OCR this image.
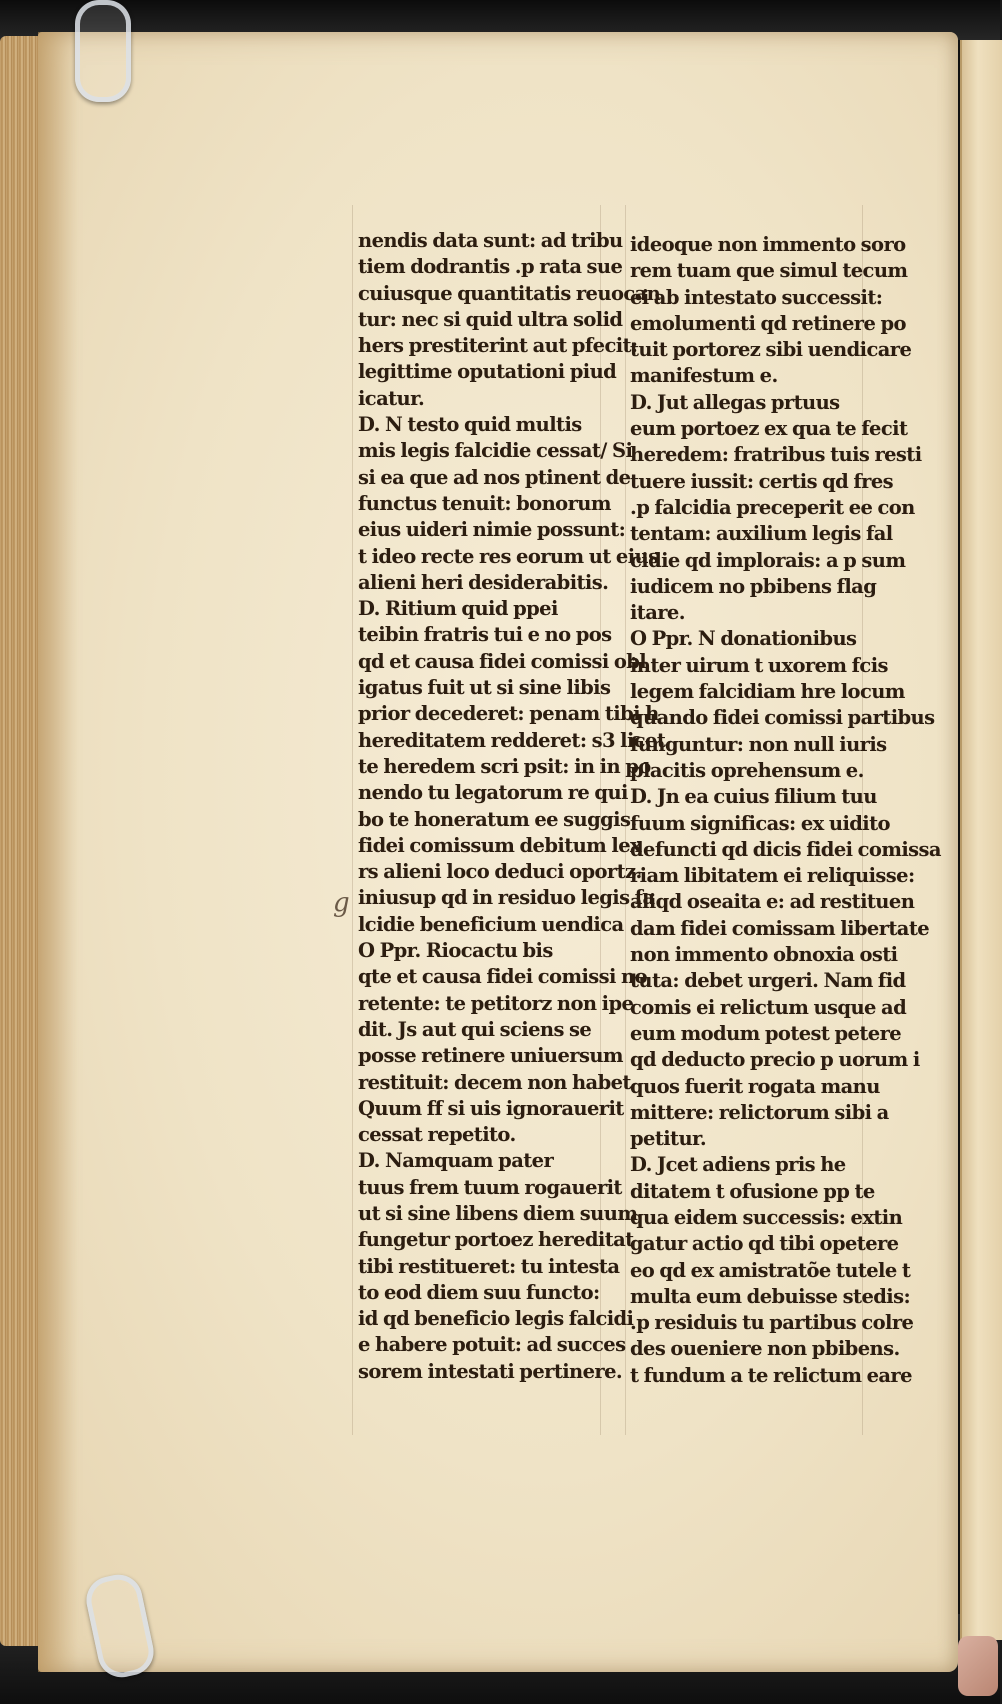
nendis data sunt: ad tribu
tiem dodrantis .p rata sue
cuiusque quantitatis reuocan
tur: nec si quid ultra solid
hers prestiterint aut pfecit:
legittime oputationi piud
icatur.
D. N testo quid multis
mis legis falcidie cessat/ Si
si ea que ad nos ptinent de
functus tenuit: bonorum
eius uideri nimie possunt:
t ideo recte res eorum ut eius
alieni heri desiderabitis.
D. Ritium quid ppei
teibin fratris tui e no pos
qd et causa fidei comissi obl
igatus fuit ut si sine libis
prior decederet: penam tibi h
hereditatem redderet: s3 licet
te heredem scri psit: in in po
nendo tu legatorum re qui
bo te honeratum ee suggis:
fidei comissum debitum lex
rs alieni loco deduci oportz.
iniusup qd in residuo legis fa
lcidie beneficium uendica
O Ppr. Riocactu bis
qte et causa fidei comissi no
retente: te petitorz non ipe
dit. Js aut qui sciens se
posse retinere uniuersum
restituit: decem non habet
Quum ff si uis ignorauerit
cessat repetito.
D. Namquam pater
tuus frem tuum rogauerit
ut si sine libens diem suum
fungetur portoez hereditat
tibi restitueret: tu intesta
to eod diem suu functo:
id qd beneficio legis falcidi
e habere potuit: ad succes
sorem intestati pertinere.
ideoque non immento soro
rem tuam que simul tecum
ei ab intestato successit:
emolumenti qd retinere po
tuit portorez sibi uendicare
manifestum e.
D. Jut allegas prtuus
eum portoez ex qua te fecit
heredem: fratribus tuis resti
tuere iussit: certis qd fres
.p falcidia preceperit ee con
tentam: auxilium legis fal
cidie qd implorais: a p sum
iudicem no pbibens flag
itare.
O Ppr. N donationibus
inter uirum t uxorem fcis
legem falcidiam hre locum
quando fidei comissi partibus
funguntur: non null iuris
placitis oprehensum e.
D. Jn ea cuius filium tuu
fuum significas: ex uidito
defuncti qd dicis fidei comissa
riam libitatem ei reliquisse:
aliqd oseaita e: ad restituen
dam fidei comissam libertate
non immento obnoxia osti
tuta: debet urgeri. Nam fid
comis ei relictum usque ad
eum modum potest petere
qd deducto precio p uorum i
quos fuerit rogata manu
mittere: relictorum sibi a
petitur.
D. Jcet adiens pris he
ditatem t ofusione pp te
qua eidem successis: extin
gatur actio qd tibi opetere
eo qd ex amistratõe tutele t
multa eum debuisse stedis:
.p residuis tu partibus colre
des oueniere non pbibens.
t fundum a te relictum eare
g
